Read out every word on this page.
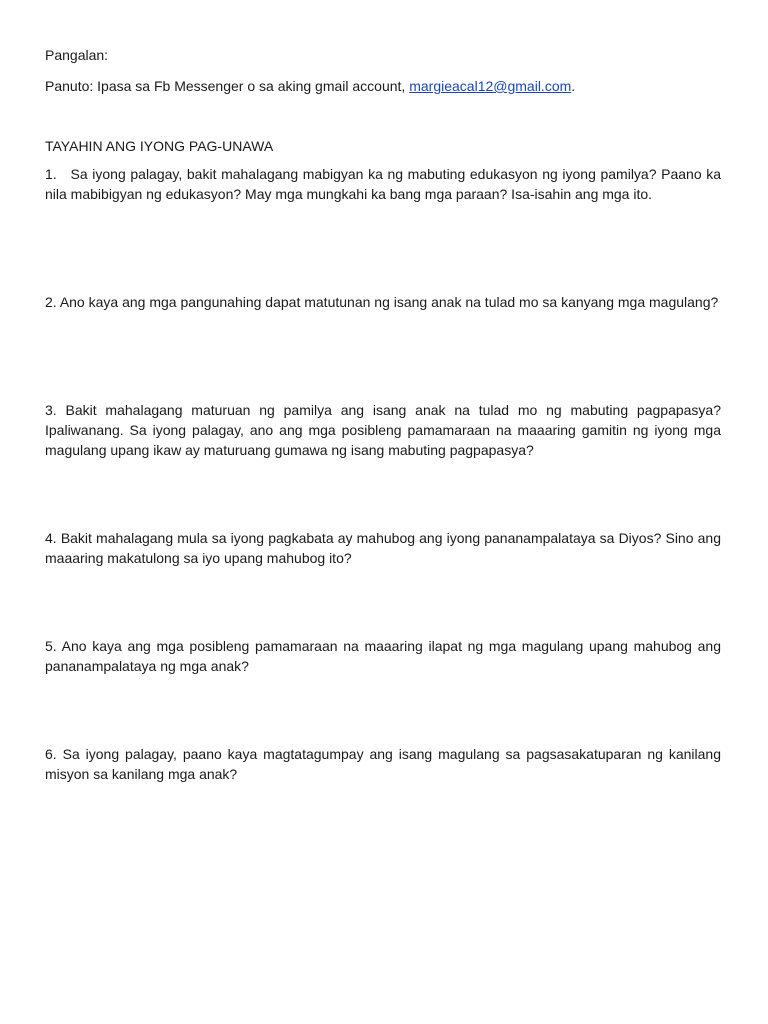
Pangalan:

Panuto: Ipasa sa Fb Messenger o sa aking gmail account, margieacal12@gmail.com.

TAYAHIN ANG IYONG PAG-UNAWA

1. Sa iyong palagay, bakit mahalagang mabigyan ka ng mabuting edukasyon ng iyong pamilya? Paano ka nila mabibigyan ng edukasyon? May mga mungkahi ka bang mga paraan? Isa-isahin ang mga ito.

2. Ano kaya ang mga pangunahing dapat matutunan ng isang anak na tulad mo sa kanyang mga magulang?

3. Bakit mahalagang maturuan ng pamilya ang isang anak na tulad mo ng mabuting pagpapasya? Ipaliwanang. Sa iyong palagay, ano ang mga posibleng pamamaraan na maaaring gamitin ng iyong mga magulang upang ikaw ay maturuang gumawa ng isang mabuting pagpapasya?

4. Bakit mahalagang mula sa iyong pagkabata ay mahubog ang iyong pananampalataya sa Diyos? Sino ang maaaring makatulong sa iyo upang mahubog ito?

5. Ano kaya ang mga posibleng pamamaraan na maaaring ilapat ng mga magulang upang mahubog ang pananampalataya ng mga anak?

6. Sa iyong palagay, paano kaya magtatagumpay ang isang magulang sa pagsasakatuparan ng kanilang misyon sa kanilang mga anak?
